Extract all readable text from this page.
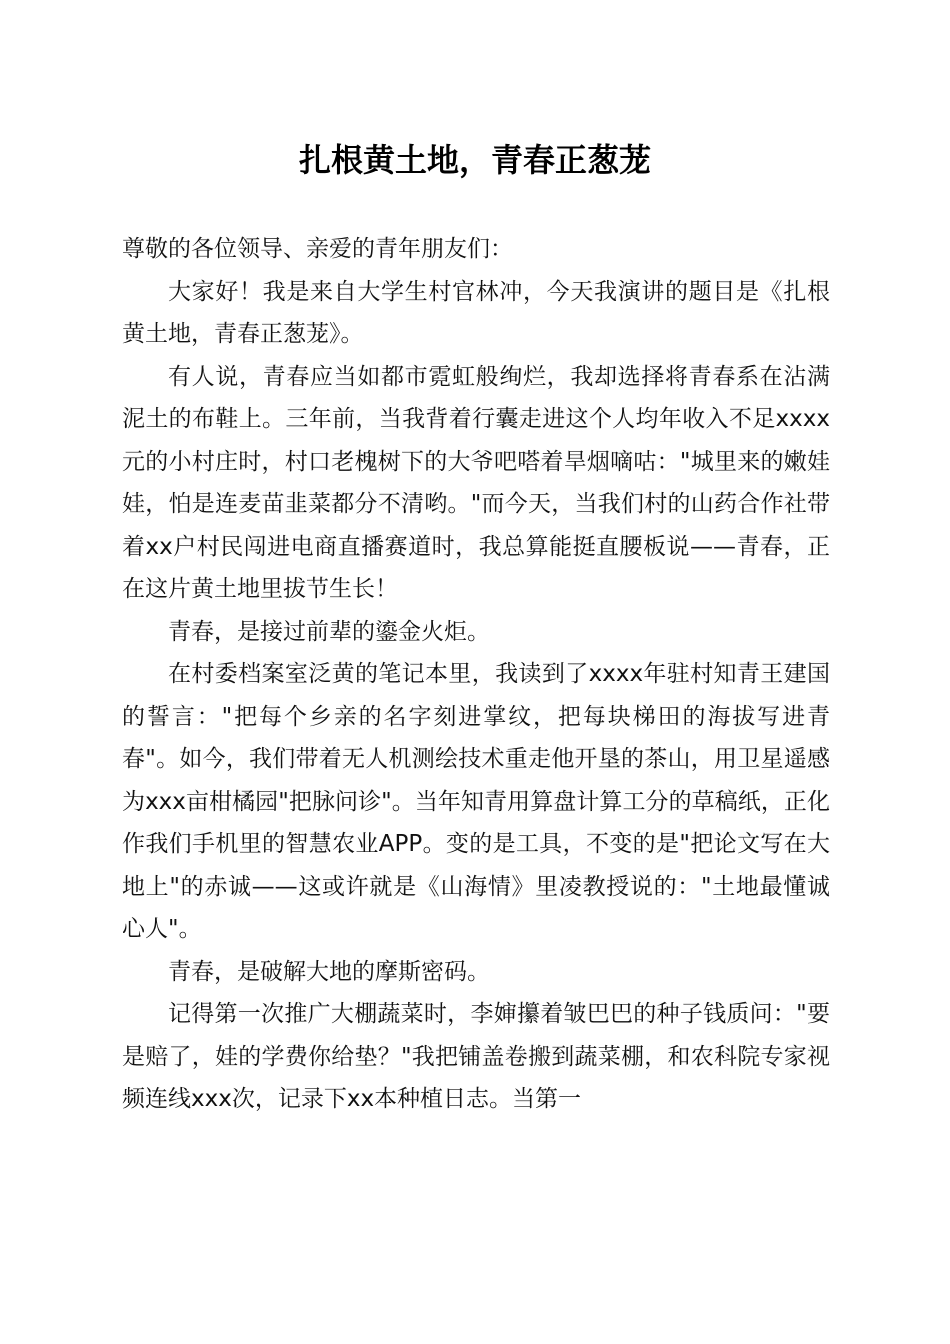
扎根黄土地，青春正葱茏

尊敬的各位领导、亲爱的青年朋友们：

大家好！我是来自大学生村官林冲，今天我演讲的题目是《扎根黄土地，青春正葱茏》。

有人说，青春应当如都市霓虹般绚烂，我却选择将青春系在沾满泥土的布鞋上。三年前，当我背着行囊走进这个人均年收入不足xxxx元的小村庄时，村口老槐树下的大爷吧嗒着旱烟嘀咕："城里来的嫩娃娃，怕是连麦苗韭菜都分不清哟。"而今天，当我们村的山药合作社带着xx户村民闯进电商直播赛道时，我总算能挺直腰板说——青春，正在这片黄土地里拔节生长！

青春，是接过前辈的鎏金火炬。

在村委档案室泛黄的笔记本里，我读到了xxxx年驻村知青王建国的誓言："把每个乡亲的名字刻进掌纹，把每块梯田的海拔写进青春"。如今，我们带着无人机测绘技术重走他开垦的茶山，用卫星遥感为xxx亩柑橘园"把脉问诊"。当年知青用算盘计算工分的草稿纸，正化作我们手机里的智慧农业APP。变的是工具，不变的是"把论文写在大地上"的赤诚——这或许就是《山海情》里凌教授说的："土地最懂诚心人"。

青春，是破解大地的摩斯密码。

记得第一次推广大棚蔬菜时，李婶攥着皱巴巴的种子钱质问："要是赔了，娃的学费你给垫？"我把铺盖卷搬到蔬菜棚，和农科院专家视频连线xxx次，记录下xx本种植日志。当第一
